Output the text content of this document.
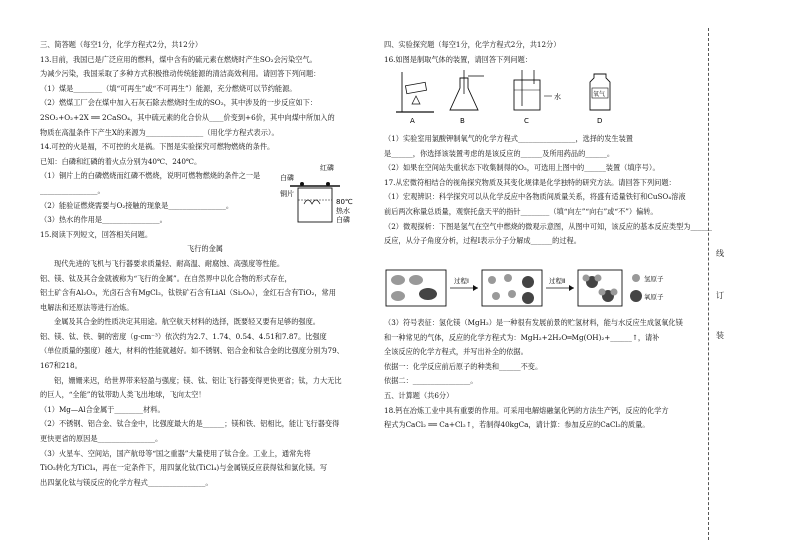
三、简答题（每空1分，化学方程式2分，共12分）

13.目前，我国已是广泛应用的燃料，煤中含有的硫元素在燃烧时产生SO₂会污染空气。

为减少污染，我国采取了多种方式积极推动传统能源的清洁高效利用。请回答下列问题：

（1）煤是________（填“可再生”或“不可再生”）能源，充分燃烧可以节约能源。

（2）燃煤工厂会在煤中加入石灰石除去燃烧时生成的SO₂，其中涉及的一步反应如下：

2SO₂+O₂+2X ══ 2CaSO₄，其中硫元素的化合价从____价变到+6价，其中向煤中所加入的

物质在高温条件下产生X的来源为________________（用化学方程式表示）。

14.可控的火是福，不可控的火是祸。下图是实验探究可燃物燃烧的条件。

已知：白磷和红磷的着火点分别为40℃、240℃。

（1）铜片上的白磷燃烧而红磷不燃烧，说明可燃物燃烧的条件之一是

________________。

（2）能验证燃烧需要与O₂接触的现象是________________。

（3）热水的作用是________________。

15.阅读下列短文，回答相关问题。

飞行的金属

现代先进的飞机与飞行器要求质量轻、耐高温、耐腐蚀、高强度等性能。

铝、镁、钛及其合金就被称为“飞行的金属”。在自然界中以化合物的形式存在，

铝土矿含有Al₂O₃，光卤石含有MgCl₂，钛铁矿石含有LiAl（Si₂O₆），金红石含有TiO₂，常用

电解法和还原法等进行冶炼。

金属及其合金的性质决定其用途。航空航天材料的选择，既要轻又要有足够的强度。

铝、镁、钛、铁、铜的密度（g·cm⁻³）依次约为2.7、1.74、0.54、4.51和7.87。比强度

（单位质量的强度）越大，材料的性能就越好。如不锈钢、铝合金和钛合金的比强度分别为79、

167和218。

铝，姗姗来迟，给世界带来轻盈与强度；镁、钛、铝让飞行器变得更快更省；钛，力大无比

的巨人，“全能”的钛带助人类飞出地球，飞向太空！

（1）Mg—Al合金属于________材料。

（2）不锈钢、铝合金、钛合金中，比强度最大的是______；镁和铁、铝相比，能让飞行器变得

更快更省的原因是________________。

（3）火星车、空间站，国产航母等“国之重器”大量使用了钛合金。工业上，通常先将

TiO₂转化为TiCl₄，再在一定条件下，用四氯化钛(TiCl₄)与金属镁反应获得钛和氯化镁。写

出四氯化钛与镁反应的化学方程式________________。

红磷
白磷
铜片
80℃
热水
白磷

四、实验探究题（每空1分，化学方程式2分，共12分）

16.如图是制取气体的装置，请回答下列问题：

A	B
水
C
氧气
D

（1）实验室用氯酸钾制氧气的化学方程式________________，选择的发生装置

是______，你选择该装置考虑的是该反应的______及所用药品的______。

（2）如果在空间站失重状态下收集制得的O₂，可选用上图中的______装置（填序号）。

17.从宏微符相结合的视角探究物质及其变化规律是化学独特的研究方法。请回答下列问题：

（1）宏观辨识：科学探究可以从化学反应中各物质间质量关系，将盛有适量铁钉和CuSO₄溶液

前后两次称量总质量，观察托盘天平的指针________（填“向左”“向右”或“不”）偏转。

（2）微观探析：下图是氢气在空气中燃烧的微观示意图，从图中可知，该反应的基本反应类型为______

反应，从分子角度分析，过程Ⅰ表示分子分解成______的过程。

过程Ⅰ	过程Ⅱ	氢原子
氧原子

（3）符号表征：氢化镁（MgH₂）是一种很有发展前景的贮氢材料，能与水反应生成氢氧化镁

和一种常见的气体，反应的化学方程式为：MgH₂+2H₂O═Mg(OH)₂+______↑，请补

全该反应的化学方程式，并写出补全的依据。

依据一：化学反应前后原子的种类和______不变。

依据二：________________。

五、计算题（共6分）

18.钙在冶炼工业中具有重要的作用。可采用电解熔融氯化钙的方法生产钙，反应的化学方

程式为CaCl₂ ══ Ca+Cl₂↑，若制得40kgCa，请计算：参加反应的CaCl₂的质量。

线
订
装
